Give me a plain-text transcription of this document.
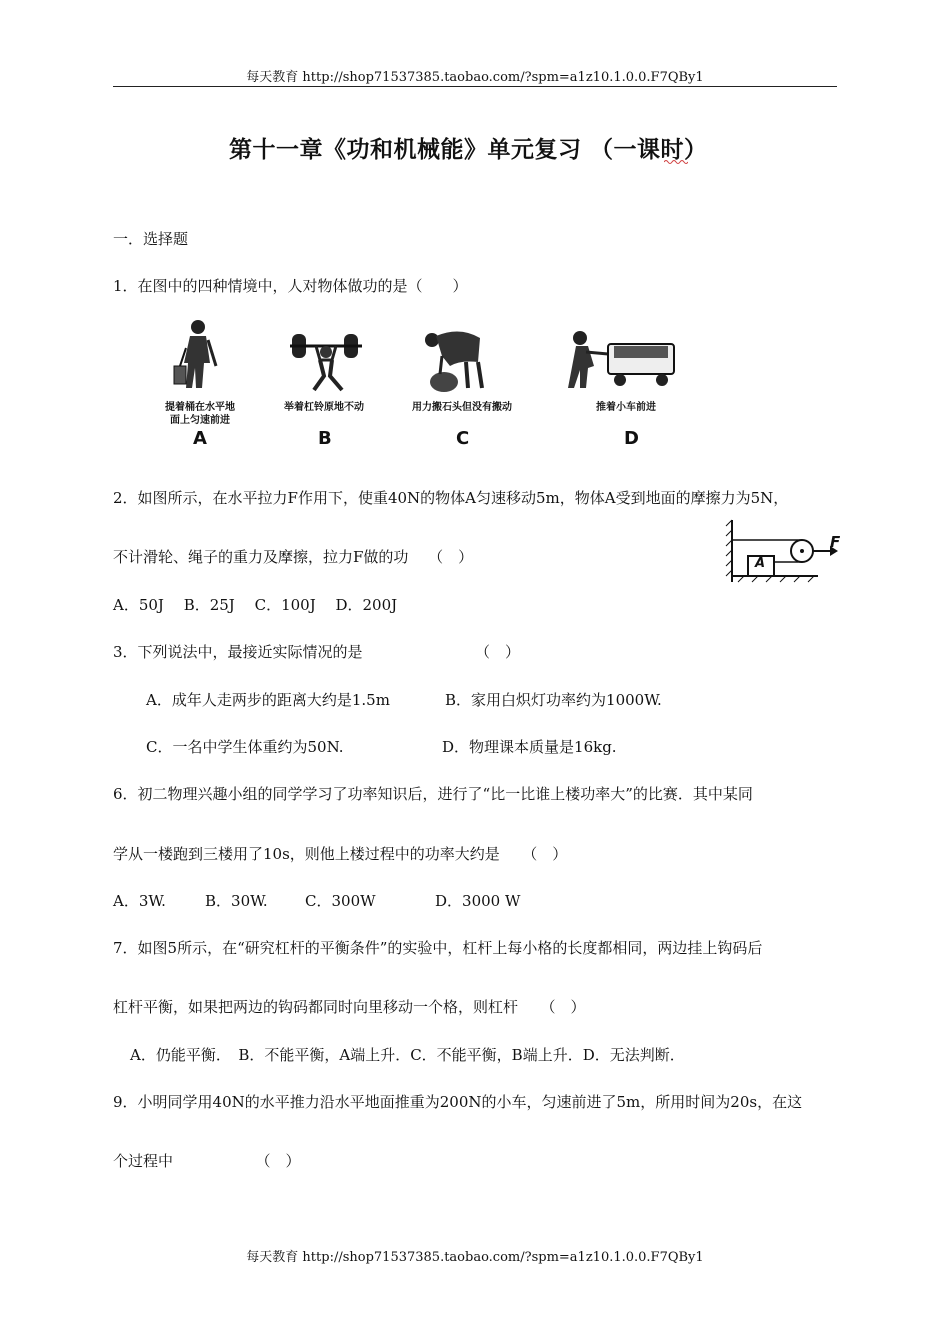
每天教育 http://shop71537385.taobao.com/?spm=a1z10.1.0.0.F7QBy1
第十一章《功和机械能》单元复习 （一课时）
一．选择题
1．在图中的四种情境中，人对物体做功的是（　　）
提着桶在水平地
面上匀速前进
A
举着杠铃原地不动
B
用力搬石头但没有搬动
C
推着小车前进
D
2．如图所示，在水平拉力F作用下，使重40N的物体A匀速移动5m，物体A受到地面的摩擦力为5N，
不计滑轮、绳子的重力及摩擦，拉力F做的功　 （　）
A．50J　 B．25J　 C．100J　 D．200J
A
F
3．下列说法中，最接近实际情况的是　　　　　　　　（　）
A．成年人走两步的距离大约是1.5m	B．家用白炽灯功率约为1000W.
C．一名中学生体重约为50N.	D．物理课本质量是16kg.
6．初二物理兴趣小组的同学学习了功率知识后，进行了“比一比谁上楼功率大”的比赛．其中某同
学从一楼跑到三楼用了10s，则他上楼过程中的功率大约是　　（　）
A．3W.	B．30W. C．300W	D．3000 W
7．如图5所示，在“研究杠杆的平衡条件”的实验中，杠杆上每小格的长度都相同，两边挂上钩码后
杠杆平衡，如果把两边的钩码都同时向里移动一个格，则杠杆　　（　）
A．仍能平衡．　B．不能平衡，A端上升．C．不能平衡，B端上升．D．无法判断．
9．小明同学用40N的水平推力沿水平地面推重为200N的小车，匀速前进了5m，所用时间为20s，在这
个过程中　　　　　　（　）
每天教育 http://shop71537385.taobao.com/?spm=a1z10.1.0.0.F7QBy1
